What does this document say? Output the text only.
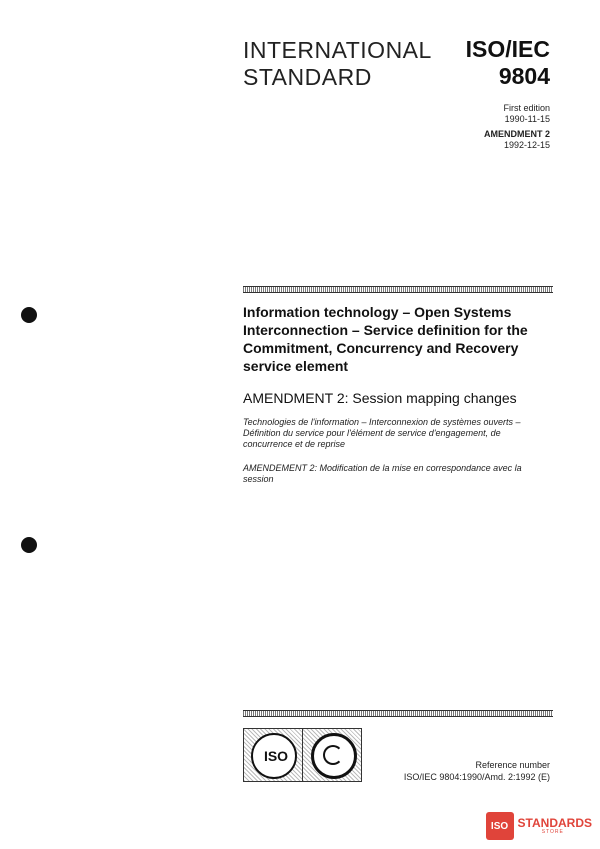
INTERNATIONAL
STANDARD
ISO/IEC
9804
First edition
1990-11-15
AMENDMENT 2
1992-12-15
Information technology – Open Systems
Interconnection – Service definition for the
Commitment, Concurrency and Recovery
service element
AMENDMENT 2: Session mapping changes
Technologies de l'information – Interconnexion de systèmes ouverts –
Définition du service pour l'élément de service d'engagement, de
concurrence et de reprise
AMENDEMENT 2: Modification de la mise en correspondance avec la
session
ISO
Reference number
ISO/IEC 9804:1990/Amd. 2:1992 (E)
ISO STANDARDS
STORE
